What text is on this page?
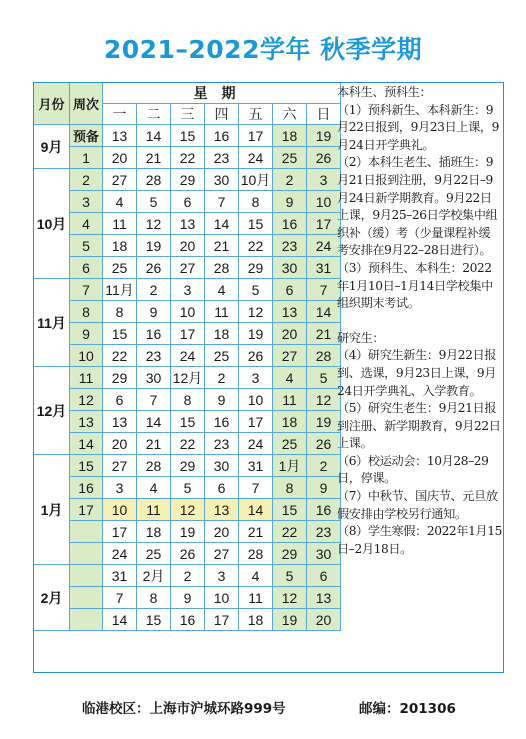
2021–2022学年 秋季学期
月份	周次	星期						
		一	二	三	四	五	六	日
9月	预备	13	14	15	16	17	18	19
	1	20	21	22	23	24	25	26
10月	2	27	28	29	30	10月	2	3
	3	4	5	6	7	8	9	10
	4	11	12	13	14	15	16	17
	5	18	19	20	21	22	23	24
	6	25	26	27	28	29	30	31
11月	7	11月	2	3	4	5	6	7
	8	8	9	10	11	12	13	14
	9	15	16	17	18	19	20	21
	10	22	23	24	25	26	27	28
12月	11	29	30	12月	2	3	4	5
	12	6	7	8	9	10	11	12
	13	13	14	15	16	17	18	19
	14	20	21	22	23	24	25	26
1月	15	27	28	29	30	31	1月	2
	16	3	4	5	6	7	8	9
	17	10	11	12	13	14	15	16
		17	18	19	20	21	22	23
		24	25	26	27	28	29	30
2月		31	2月	2	3	4	5	6
		7	8	9	10	11	12	13
		14	15	16	17	18	19	20

本科生、预科生：

（1）预科新生、本科新生：9月22日报到，9月23日上课，9月24日开学典礼。

（2）本科生老生、插班生：9月21日报到注册，9月22日–9月24日新学期教育。9月22日上课，9月25–26日学校集中组织补（缓）考（少量课程补缓考安排在9月22–28日进行）。

（3）预科生、本科生：2022年1月10日–1月14日学校集中组织期末考试。

研究生：

（4）研究生新生：9月22日报到、选课，9月23日上课，9月24日开学典礼、入学教育。

（5）研究生老生：9月21日报到注册、新学期教育，9月22日上课。

（6）校运动会：10月28–29日，停课。

（7）中秋节、国庆节、元旦放假安排由学校另行通知。

（8）学生寒假：2022年1月15日–2月18日。

临港校区：上海市沪城环路999号	邮编：201306
